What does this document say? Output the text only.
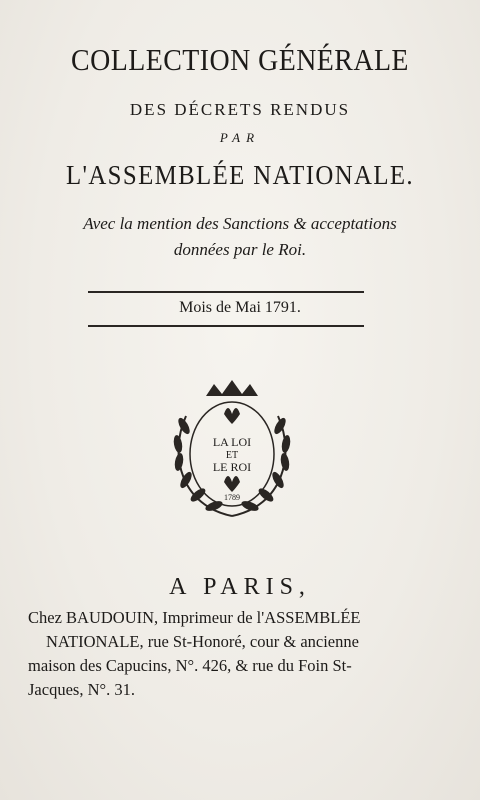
COLLECTION GÉNÉRALE
DES DÉCRETS RENDUS
PAR
L'ASSEMBLÉE NATIONALE.
Avec la mention des Sanctions & acceptations
données par le Roi.
Mois de Mai 1791.
LA LOI
ET
LE ROI
1789
A PARIS,
Chez BAUDOUIN, Imprimeur de l'ASSEMBLÉE
NATIONALE, rue St-Honoré, cour & ancienne
maison des Capucins, N°. 426, & rue du Foin St-
Jacques, N°. 31.
